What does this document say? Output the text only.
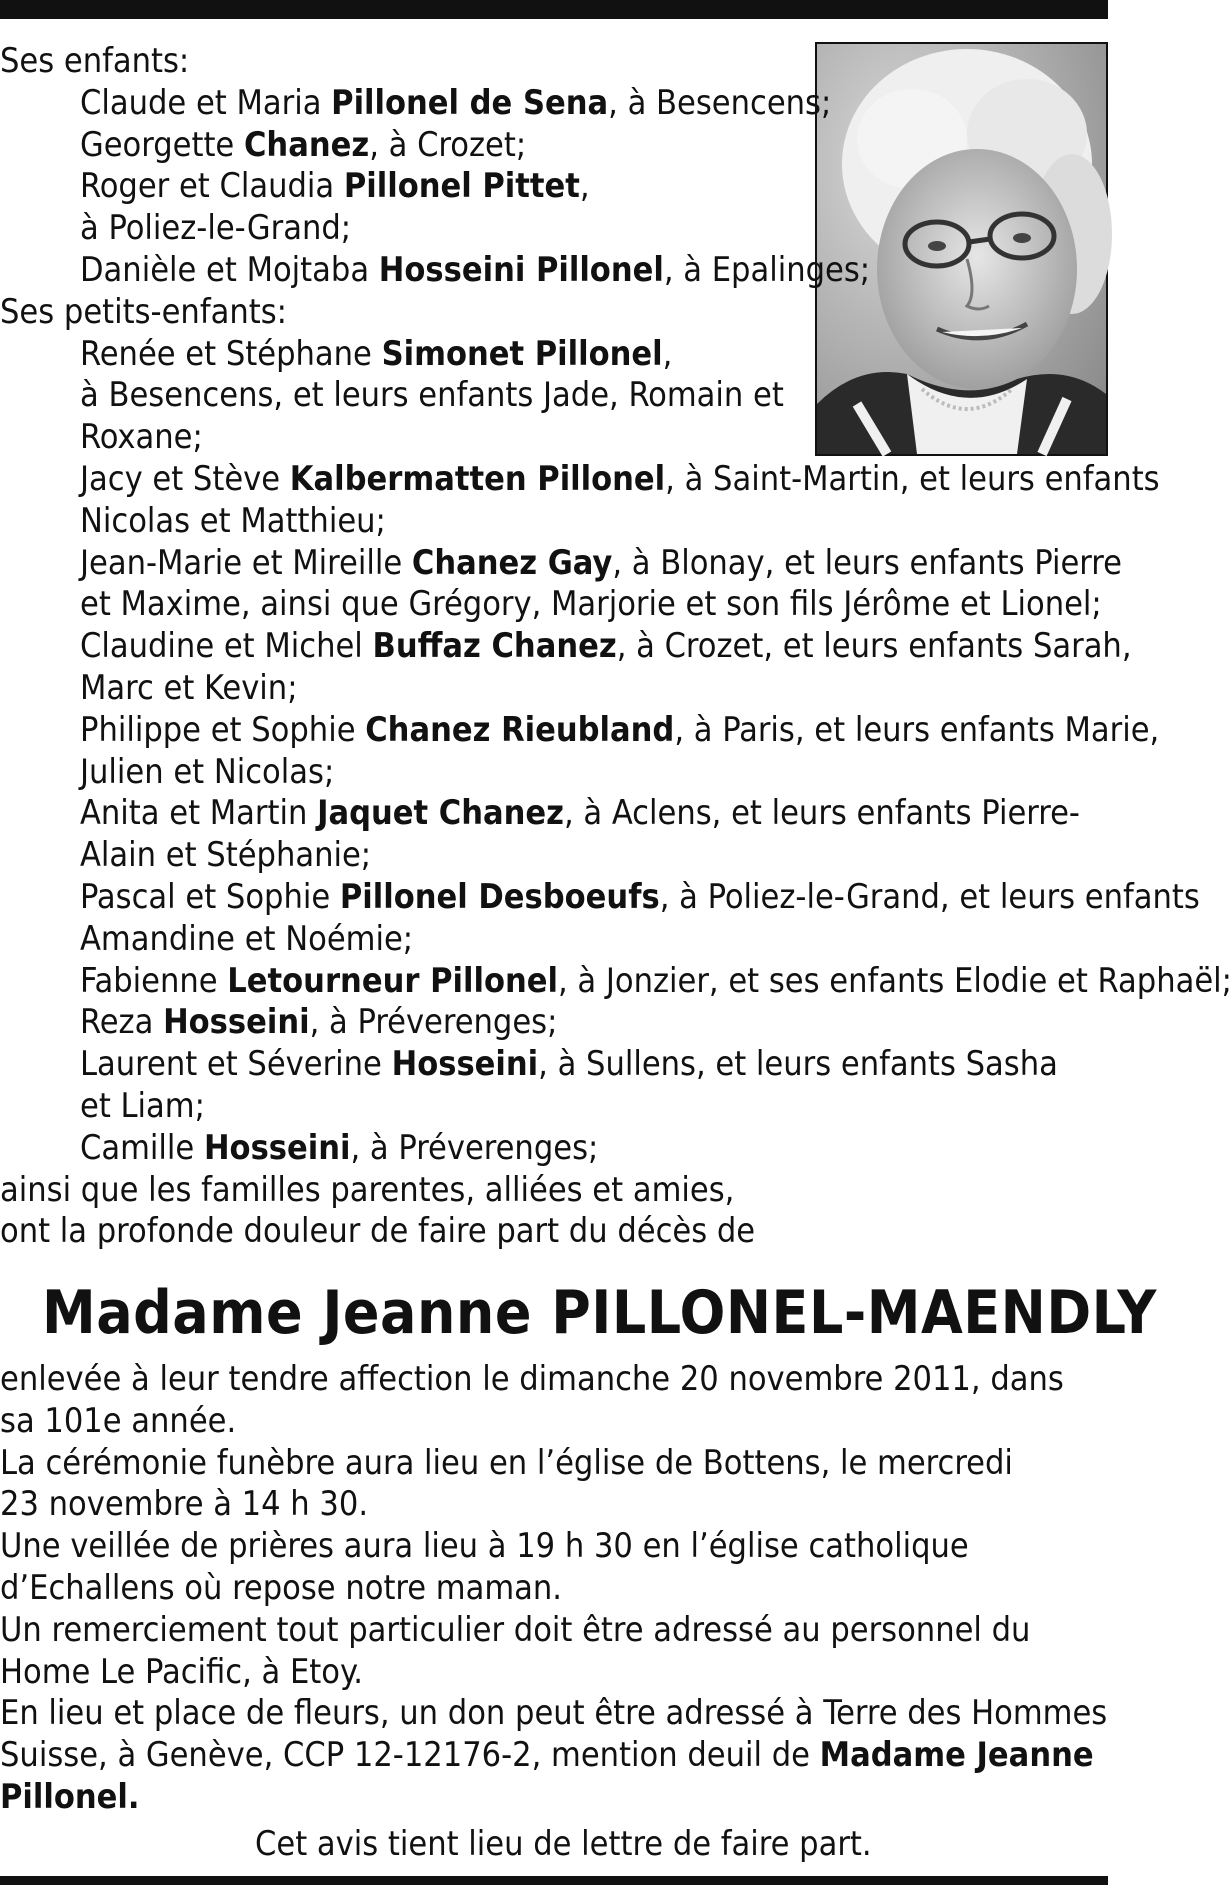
Ses enfants:
Claude et Maria Pillonel de Sena, à Besencens;
Georgette Chanez, à Crozet;
Roger et Claudia Pillonel Pittet,
à Poliez-le-Grand;
Danièle et Mojtaba Hosseini Pillonel, à Epalinges;
Ses petits-enfants:
Renée et Stéphane Simonet Pillonel,
à Besencens, et leurs enfants Jade, Romain et
Roxane;
Jacy et Stève Kalbermatten Pillonel, à Saint-Martin, et leurs enfants
Nicolas et Matthieu;
Jean-Marie et Mireille Chanez Gay, à Blonay, et leurs enfants Pierre
et Maxime, ainsi que Grégory, Marjorie et son fils Jérôme et Lionel;
Claudine et Michel Buffaz Chanez, à Crozet, et leurs enfants Sarah,
Marc et Kevin;
Philippe et Sophie Chanez Rieubland, à Paris, et leurs enfants Marie,
Julien et Nicolas;
Anita et Martin Jaquet Chanez, à Aclens, et leurs enfants Pierre-
Alain et Stéphanie;
Pascal et Sophie Pillonel Desboeufs, à Poliez-le-Grand, et leurs enfants
Amandine et Noémie;
Fabienne Letourneur Pillonel, à Jonzier, et ses enfants Elodie et Raphaël;
Reza Hosseini, à Préverenges;
Laurent et Séverine Hosseini, à Sullens, et leurs enfants Sasha
et Liam;
Camille Hosseini, à Préverenges;
ainsi que les familles parentes, alliées et amies,
ont la profonde douleur de faire part du décès de
enlevée à leur tendre affection le dimanche 20 novembre 2011, dans
sa 101e année.
La cérémonie funèbre aura lieu en l’église de Bottens, le mercredi
23 novembre à 14 h 30.
Une veillée de prières aura lieu à 19 h 30 en l’église catholique
d’Echallens où repose notre maman.
Un remerciement tout particulier doit être adressé au personnel du
Home Le Pacific, à Etoy.
En lieu et place de fleurs, un don peut être adressé à Terre des Hommes
Suisse, à Genève, CCP 12-12176-2, mention deuil de Madame Jeanne
Pillonel.
Madame Jeanne PILLONEL-MAENDLY
Cet avis tient lieu de lettre de faire part.
